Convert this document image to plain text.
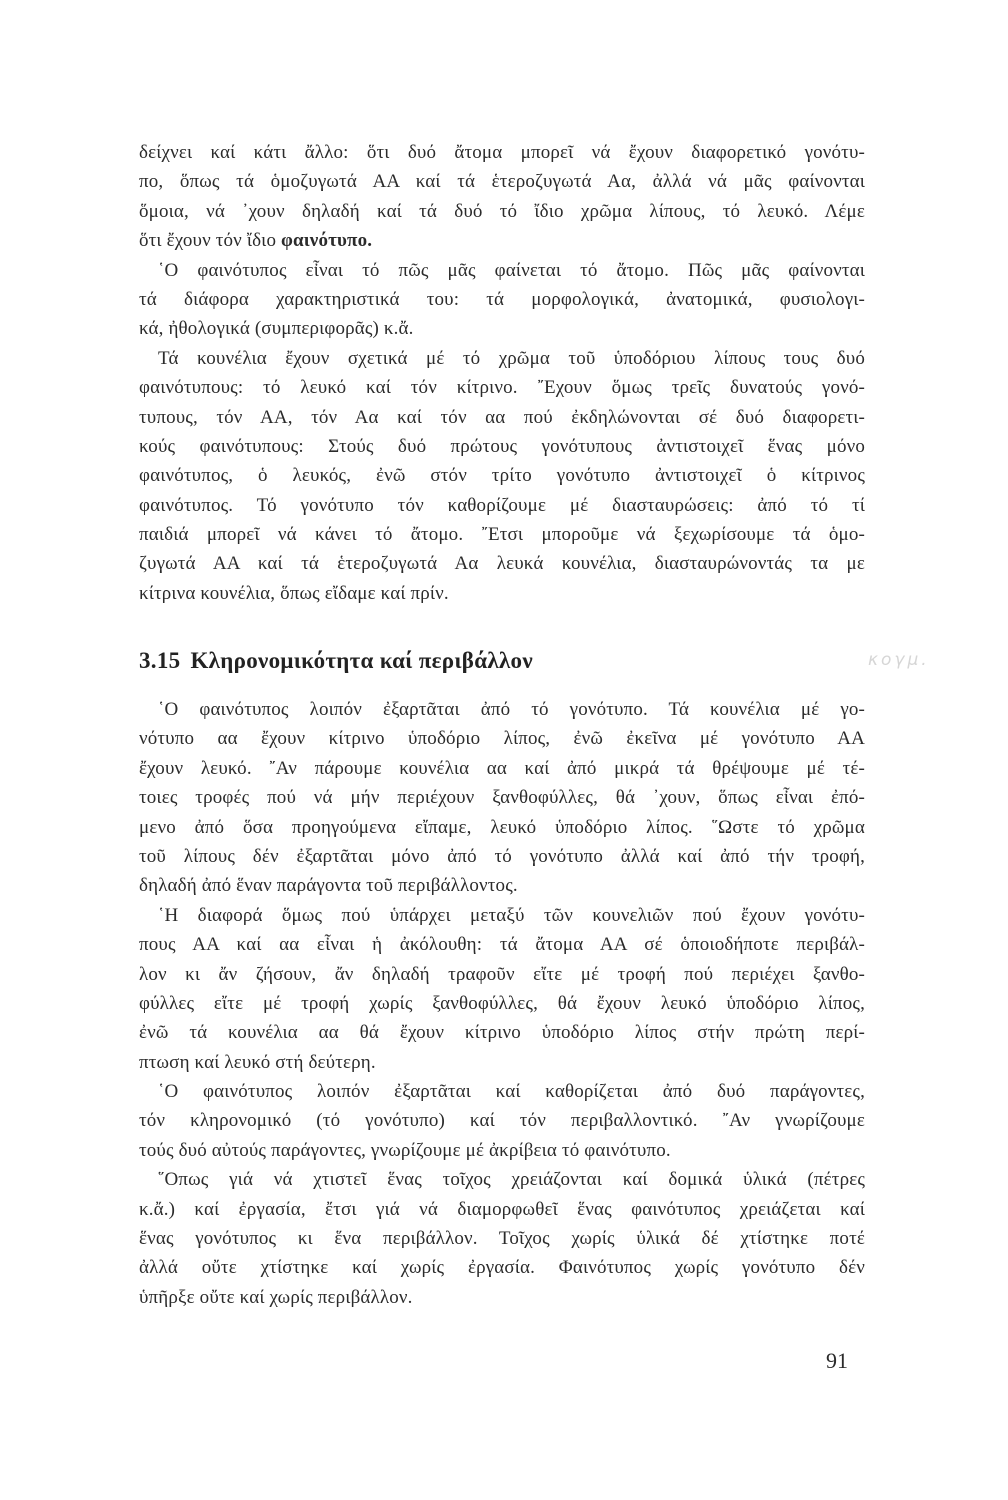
δείχνει καί κάτι ἄλλο: ὅτι δυό ἄτομα μπορεῖ νά ἔχουν διαφορετικό γονότυ-
πο, ὅπως τά ὁμοζυγωτά ΑΑ καί τά ἑτεροζυγωτά Αα, ἀλλά νά μᾶς φαίνονται
ὅμοια, νά ᾽χουν δηλαδή καί τά δυό τό ἴδιο χρῶμα λίπους, τό λευκό. Λέμε
ὅτι ἔχουν τόν ἴδιο φαινότυπο.
῾Ο φαινότυπος εἶναι τό πῶς μᾶς φαίνεται τό ἄτομο. Πῶς μᾶς φαίνονται
τά διάφορα χαρακτηριστικά του: τά μορφολογικά, ἀνατομικά, φυσιολογι-
κά, ἠθολογικά (συμπεριφορᾶς) κ.ἄ.
Τά κουνέλια ἔχουν σχετικά μέ τό χρῶμα τοῦ ὑποδόριου λίπους τους δυό
φαινότυπους: τό λευκό καί τόν κίτρινο. ῎Εχουν ὅμως τρεῖς δυνατούς γονό-
τυπους, τόν ΑΑ, τόν Αα καί τόν αα πού ἐκδηλώνονται σέ δυό διαφορετι-
κούς φαινότυπους: Στούς δυό πρώτους γονότυπους ἀντιστοιχεῖ ἕνας μόνο
φαινότυπος, ὁ λευκός, ἐνῶ στόν τρίτο γονότυπο ἀντιστοιχεῖ ὁ κίτρινος
φαινότυπος. Τό γονότυπο τόν καθορίζουμε μέ διασταυρώσεις: ἀπό τό τί
παιδιά μπορεῖ νά κάνει τό ἄτομο. ῎Ετσι μποροῦμε νά ξεχωρίσουμε τά ὁμο-
ζυγωτά ΑΑ καί τά ἑτεροζυγωτά Αα λευκά κουνέλια, διασταυρώνοντάς τα με
κίτρινα κουνέλια, ὅπως εἴδαμε καί πρίν.
3.15 Κληρονομικότητα καί περιβάλλον	κογμ.
῾Ο φαινότυπος λοιπόν ἐξαρτᾶται ἀπό τό γονότυπο. Τά κουνέλια μέ γο-
νότυπο αα ἔχουν κίτρινο ὑποδόριο λίπος, ἐνῶ ἐκεῖνα μέ γονότυπο ΑΑ
ἔχουν λευκό. ῎Αν πάρουμε κουνέλια αα καί ἀπό μικρά τά θρέψουμε μέ τέ-
τοιες τροφές πού νά μήν περιέχουν ξανθοφύλλες, θά ᾽χουν, ὅπως εἶναι ἐπό-
μενο ἀπό ὅσα προηγούμενα εἴπαμε, λευκό ὑποδόριο λίπος. ῞Ωστε τό χρῶμα
τοῦ λίπους δέν ἐξαρτᾶται μόνο ἀπό τό γονότυπο ἀλλά καί ἀπό τήν τροφή,
δηλαδή ἀπό ἕναν παράγοντα τοῦ περιβάλλοντος.
῾Η διαφορά ὅμως πού ὑπάρχει μεταξύ τῶν κουνελιῶν πού ἔχουν γονότυ-
πους ΑΑ καί αα εἶναι ἡ ἀκόλουθη: τά ἄτομα ΑΑ σέ ὁποιοδήποτε περιβάλ-
λον κι ἄν ζήσουν, ἄν δηλαδή τραφοῦν εἴτε μέ τροφή πού περιέχει ξανθο-
φύλλες εἴτε μέ τροφή χωρίς ξανθοφύλλες, θά ἔχουν λευκό ὑποδόριο λίπος,
ἐνῶ τά κουνέλια αα θά ἔχουν κίτρινο ὑποδόριο λίπος στήν πρώτη περί-
πτωση καί λευκό στή δεύτερη.
῾Ο φαινότυπος λοιπόν ἐξαρτᾶται καί καθορίζεται ἀπό δυό παράγοντες,
τόν κληρονομικό (τό γονότυπο) καί τόν περιβαλλοντικό. ῎Αν γνωρίζουμε
τούς δυό αὐτούς παράγοντες, γνωρίζουμε μέ ἀκρίβεια τό φαινότυπο.
῞Οπως γιά νά χτιστεῖ ἕνας τοῖχος χρειάζονται καί δομικά ὑλικά (πέτρες
κ.ἄ.) καί ἐργασία, ἔτσι γιά νά διαμορφωθεῖ ἕνας φαινότυπος χρειάζεται καί
ἕνας γονότυπος κι ἕνα περιβάλλον. Τοῖχος χωρίς ὑλικά δέ χτίστηκε ποτέ
ἀλλά οὔτε χτίστηκε καί χωρίς ἐργασία. Φαινότυπος χωρίς γονότυπο δέν
ὑπῆρξε οὔτε καί χωρίς περιβάλλον.
91
